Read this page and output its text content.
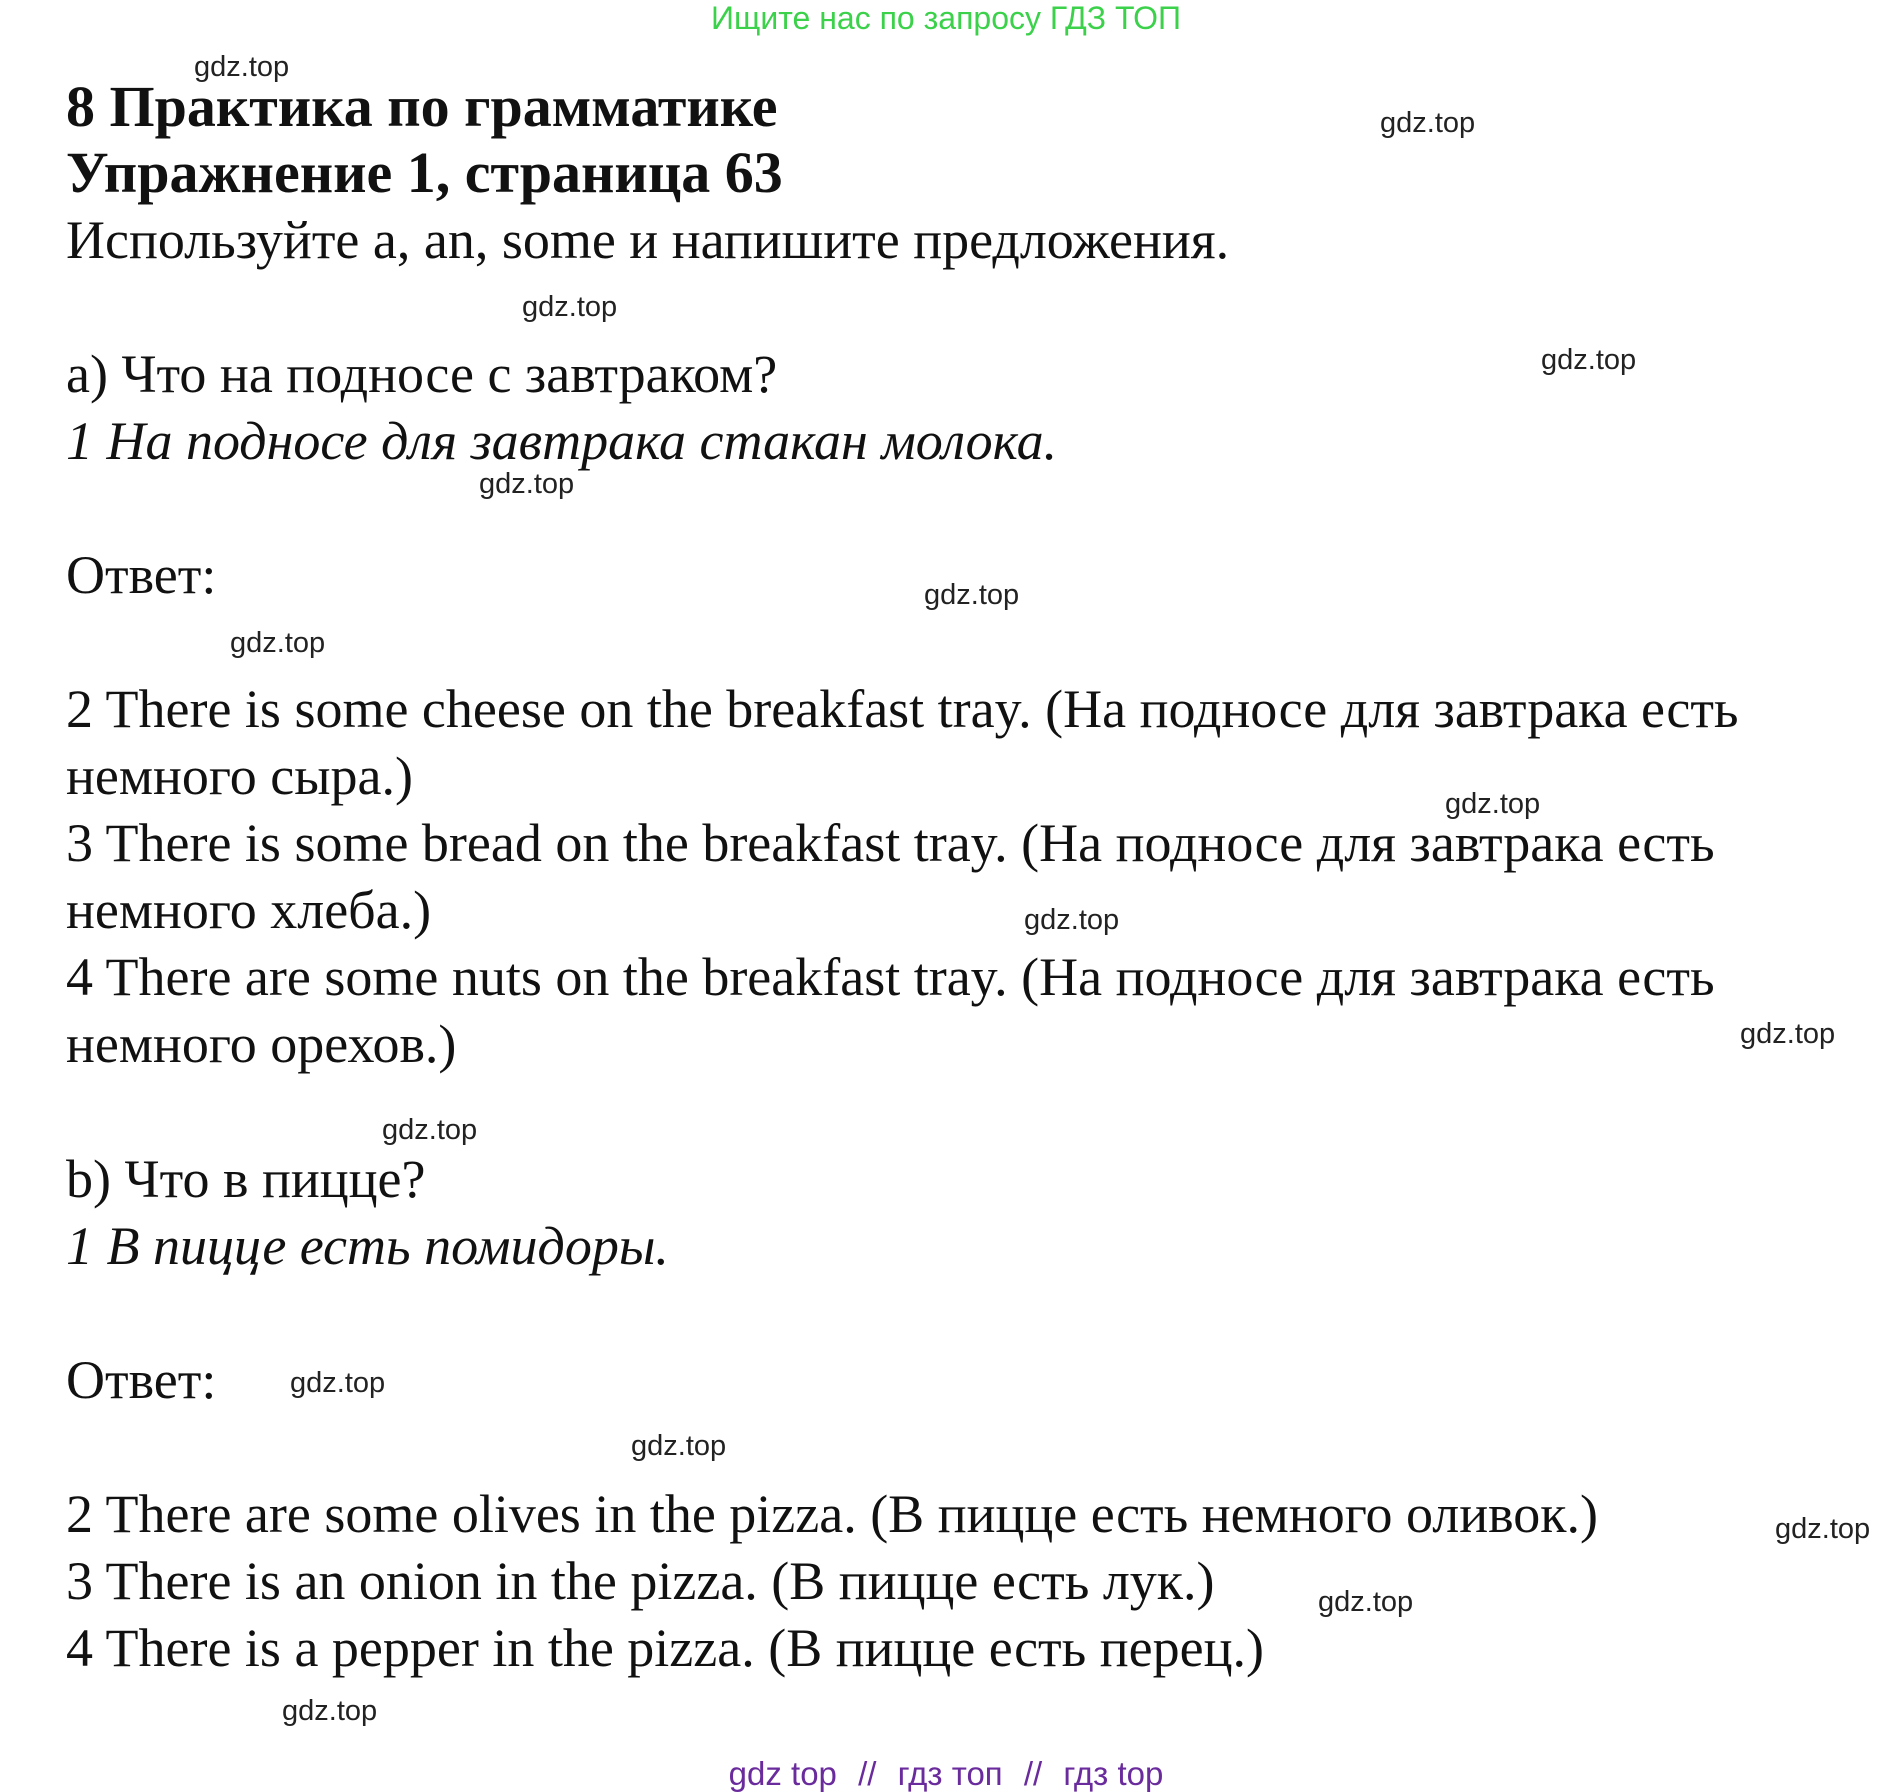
Ищите нас по запросу ГДЗ ТОП
8 Практика по грамматике
Упражнение 1, страница 63
Используйте a, an, some и напишите предложения.
a) Что на подносе с завтраком?
1 На подносе для завтрака стакан молока.
Ответ:
2 There is some cheese on the breakfast tray. (На подносе для завтрака есть немного сыра.)
3 There is some bread on the breakfast tray. (На подносе для завтрака есть немного хлеба.)
4 There are some nuts on the breakfast tray. (На подносе для завтрака есть немного орехов.)
b) Что в пицце?
1 В пицце есть помидоры.
Ответ:
2 There are some olives in the pizza. (В пицце есть немного оливок.)
3 There is an onion in the pizza. (В пицце есть лук.)
4 There is a pepper in the pizza. (В пицце есть перец.)
gdz.top
gdz.top
gdz.top
gdz.top
gdz.top
gdz.top
gdz.top
gdz.top
gdz.top
gdz.top
gdz.top
gdz.top
gdz.top
gdz.top
gdz.top
gdz.top
gdz top // гдз топ // гдз top
